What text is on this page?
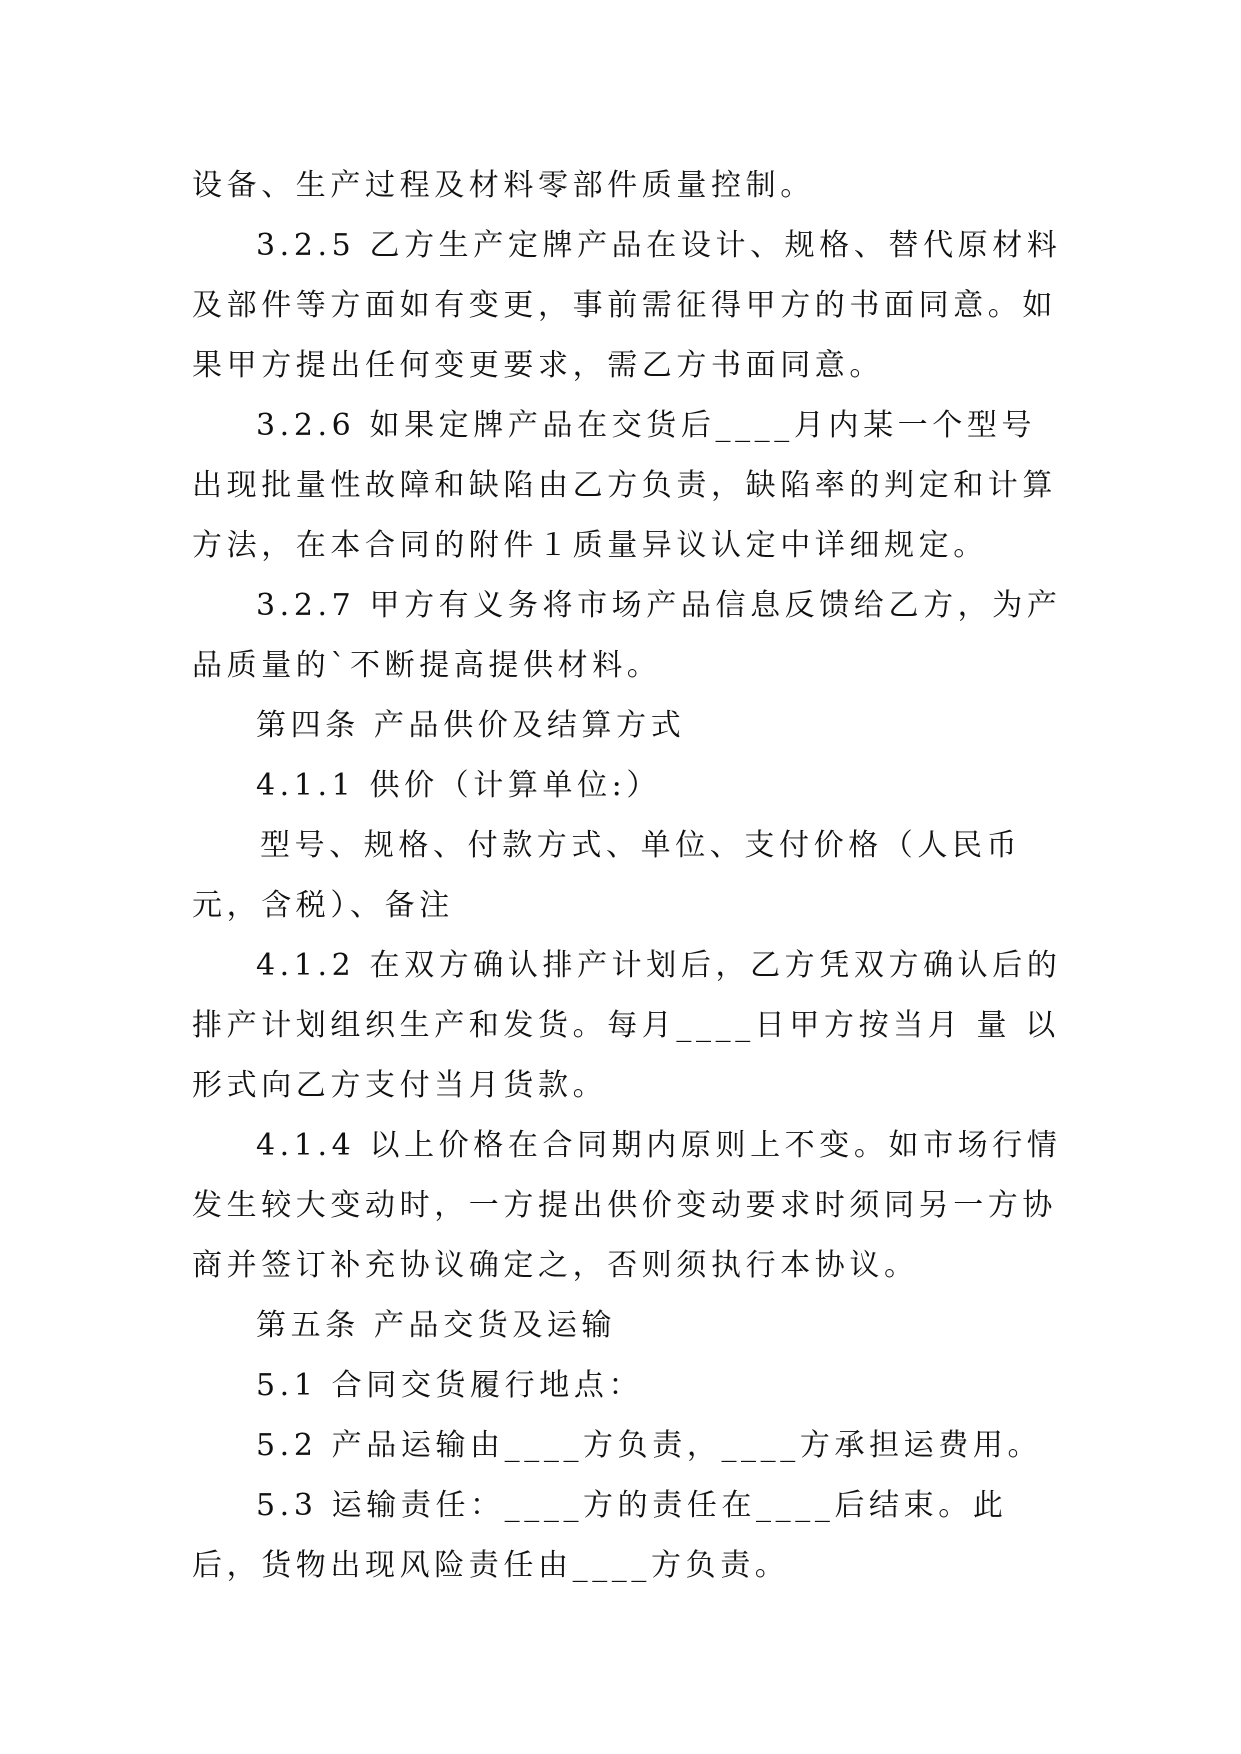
设备、生产过程及材料零部件质量控制。

3.2.5 乙方生产定牌产品在设计、规格、替代原材料及部件等方面如有变更，事前需征得甲方的书面同意。如果甲方提出任何变更要求，需乙方书面同意。

3.2.6 如果定牌产品在交货后____月内某一个型号出现批量性故障和缺陷由乙方负责，缺陷率的判定和计算方法，在本合同的附件１质量异议认定中详细规定。

3.2.7 甲方有义务将市场产品信息反馈给乙方，为产品质量的`不断提高提供材料。

第四条 产品供价及结算方式

4.1.1 供价（计算单位:）

型号、规格、付款方式、单位、支付价格（人民币元，含税）、备注

4.1.2 在双方确认排产计划后，乙方凭双方确认后的排产计划组织生产和发货。每月____日甲方按当月 量 以 形式向乙方支付当月货款。

4.1.4 以上价格在合同期内原则上不变。如市场行情发生较大变动时，一方提出供价变动要求时须同另一方协商并签订补充协议确定之，否则须执行本协议。

第五条 产品交货及运输

5.1 合同交货履行地点：

5.2 产品运输由____方负责，____方承担运费用。

5.3 运输责任：____方的责任在____后结束。此后，货物出现风险责任由____方负责。
